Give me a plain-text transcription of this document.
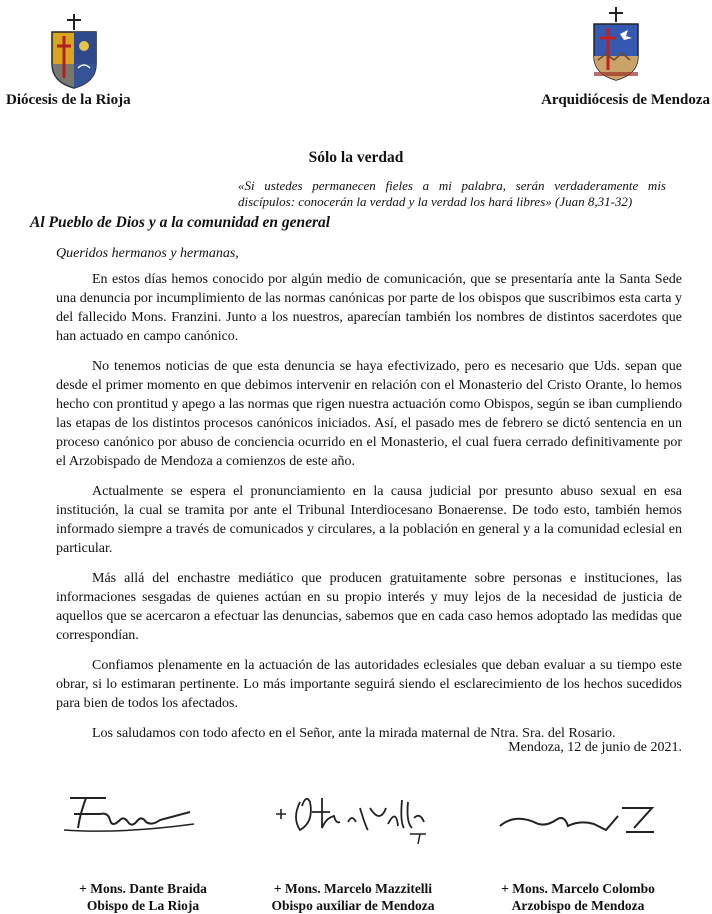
Diócesis de la Rioja	Arquidiócesis de Mendoza
Sólo la verdad
«Si ustedes permanecen fieles a mi palabra, serán verdaderamente mis discípulos: conocerán la verdad y la verdad los hará libres» (Juan 8,31-32)
Al Pueblo de Dios y a la comunidad en general
Queridos hermanos y hermanas,

En estos días hemos conocido por algún medio de comunicación, que se presentaría ante la Santa Sede una denuncia por incumplimiento de las normas canónicas por parte de los obispos que suscribimos esta carta y del fallecido Mons. Franzini. Junto a los nuestros, aparecían también los nombres de distintos sacerdotes que han actuado en campo canónico.

No tenemos noticias de que esta denuncia se haya efectivizado, pero es necesario que Uds. sepan que desde el primer momento en que debimos intervenir en relación con el Monasterio del Cristo Orante, lo hemos hecho con prontitud y apego a las normas que rigen nuestra actuación como Obispos, según se iban cumpliendo las etapas de los distintos procesos canónicos iniciados. Así, el pasado mes de febrero se dictó sentencia en un proceso canónico por abuso de conciencia ocurrido en el Monasterio, el cual fuera cerrado definitivamente por el Arzobispado de Mendoza a comienzos de este año.

Actualmente se espera el pronunciamiento en la causa judicial por presunto abuso sexual en esa institución, la cual se tramita por ante el Tribunal Interdiocesano Bonaerense. De todo esto, también hemos informado siempre a través de comunicados y circulares, a la población en general y a la comunidad eclesial en particular.

Más allá del enchastre mediático que producen gratuitamente sobre personas e instituciones, las informaciones sesgadas de quienes actúan en su propio interés y muy lejos de la necesidad de justicia de aquellos que se acercaron a efectuar las denuncias, sabemos que en cada caso hemos adoptado las medidas que correspondían.

Confiamos plenamente en la actuación de las autoridades eclesiales que deban evaluar a su tiempo este obrar, si lo estimaran pertinente. Lo más importante seguirá siendo el esclarecimiento de los hechos sucedidos para bien de todos los afectados.

Los saludamos con todo afecto en el Señor, ante la mirada maternal de Ntra. Sra. del Rosario.

Mendoza, 12 de junio de 2021.
+ Mons. Dante Braida
Obispo de La Rioja
+ Mons. Marcelo Mazzitelli
Obispo auxiliar de Mendoza
+ Mons. Marcelo Colombo
Arzobispo de Mendoza
